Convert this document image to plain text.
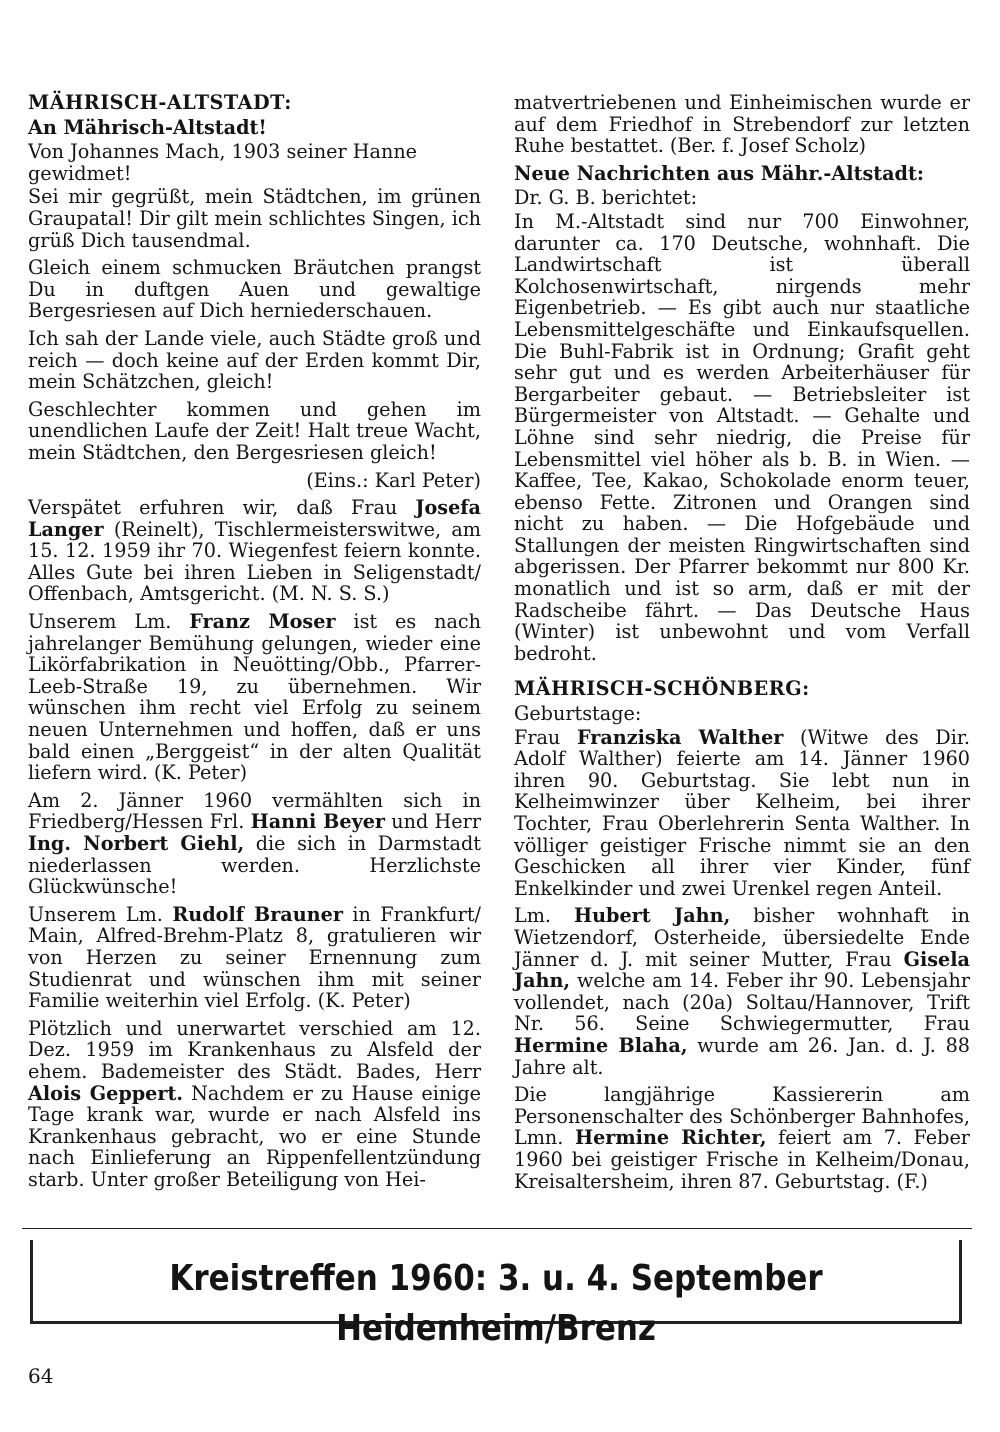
MÄHRISCH-ALTSTADT:

An Mährisch-Altstadt!

Von Johannes Mach, 1903 seiner Hanne gewidmet!

Sei mir gegrüßt, mein Städtchen, im grünen Graupatal! Dir gilt mein schlichtes Singen, ich grüß Dich tausendmal.

Gleich einem schmucken Bräutchen prangst Du in duftgen Auen und gewaltige Bergesriesen auf Dich herniederschauen.

Ich sah der Lande viele, auch Städte groß und reich — doch keine auf der Erden kommt Dir, mein Schätzchen, gleich!

Geschlechter kommen und gehen im unendlichen Laufe der Zeit! Halt treue Wacht, mein Städtchen, den Bergesriesen gleich!

(Eins.: Karl Peter)

Verspätet erfuhren wir, daß Frau Josefa Langer (Reinelt), Tischlermeisterswitwe, am 15. 12. 1959 ihr 70. Wiegenfest feiern konnte. Alles Gute bei ihren Lieben in Seligenstadt/ Offenbach, Amtsgericht. (M. N. S. S.)

Unserem Lm. Franz Moser ist es nach jahrelanger Bemühung gelungen, wieder eine Likörfabrikation in Neuötting/Obb., Pfarrer-Leeb-Straße 19, zu übernehmen. Wir wünschen ihm recht viel Erfolg zu seinem neuen Unternehmen und hoffen, daß er uns bald einen „Berggeist“ in der alten Qualität liefern wird. (K. Peter)

Am 2. Jänner 1960 vermählten sich in Friedberg/Hessen Frl. Hanni Beyer und Herr Ing. Norbert Giehl, die sich in Darmstadt niederlassen werden. Herzlichste Glückwünsche!

Unserem Lm. Rudolf Brauner in Frankfurt/ Main, Alfred-Brehm-Platz 8, gratulieren wir von Herzen zu seiner Ernennung zum Studienrat und wünschen ihm mit seiner Familie weiterhin viel Erfolg. (K. Peter)

Plötzlich und unerwartet verschied am 12. Dez. 1959 im Krankenhaus zu Alsfeld der ehem. Bademeister des Städt. Bades, Herr Alois Geppert. Nachdem er zu Hause einige Tage krank war, wurde er nach Alsfeld ins Krankenhaus gebracht, wo er eine Stunde nach Einlieferung an Rippenfellentzündung starb. Unter großer Beteiligung von Hei-

matvertriebenen und Einheimischen wurde er auf dem Friedhof in Strebendorf zur letzten Ruhe bestattet. (Ber. f. Josef Scholz)

Neue Nachrichten aus Mähr.-Altstadt:

Dr. G. B. berichtet:

In M.-Altstadt sind nur 700 Einwohner, darunter ca. 170 Deutsche, wohnhaft. Die Landwirtschaft ist überall Kolchosenwirtschaft, nirgends mehr Eigenbetrieb. — Es gibt auch nur staatliche Lebensmittelgeschäfte und Einkaufsquellen. Die Buhl-Fabrik ist in Ordnung; Grafit geht sehr gut und es werden Arbeiterhäuser für Bergarbeiter gebaut. — Betriebsleiter ist Bürgermeister von Altstadt. — Gehalte und Löhne sind sehr niedrig, die Preise für Lebensmittel viel höher als b. B. in Wien. — Kaffee, Tee, Kakao, Schokolade enorm teuer, ebenso Fette. Zitronen und Orangen sind nicht zu haben. — Die Hofgebäude und Stallungen der meisten Ringwirtschaften sind abgerissen. Der Pfarrer bekommt nur 800 Kr. monatlich und ist so arm, daß er mit der Radscheibe fährt. — Das Deutsche Haus (Winter) ist unbewohnt und vom Verfall bedroht.

MÄHRISCH-SCHÖNBERG:

Geburtstage:

Frau Franziska Walther (Witwe des Dir. Adolf Walther) feierte am 14. Jänner 1960 ihren 90. Geburtstag. Sie lebt nun in Kelheimwinzer über Kelheim, bei ihrer Tochter, Frau Oberlehrerin Senta Walther. In völliger geistiger Frische nimmt sie an den Geschicken all ihrer vier Kinder, fünf Enkelkinder und zwei Urenkel regen Anteil.

Lm. Hubert Jahn, bisher wohnhaft in Wietzendorf, Osterheide, übersiedelte Ende Jänner d. J. mit seiner Mutter, Frau Gisela Jahn, welche am 14. Feber ihr 90. Lebensjahr vollendet, nach (20a) Soltau/Hannover, Trift Nr. 56. Seine Schwiegermutter, Frau Hermine Blaha, wurde am 26. Jan. d. J. 88 Jahre alt.

Die langjährige Kassiererin am Personenschalter des Schönberger Bahnhofes, Lmn. Hermine Richter, feiert am 7. Feber 1960 bei geistiger Frische in Kelheim/Donau, Kreisaltersheim, ihren 87. Geburtstag. (F.)

Kreistreffen 1960: 3. u. 4. September Heidenheim/Brenz
64
